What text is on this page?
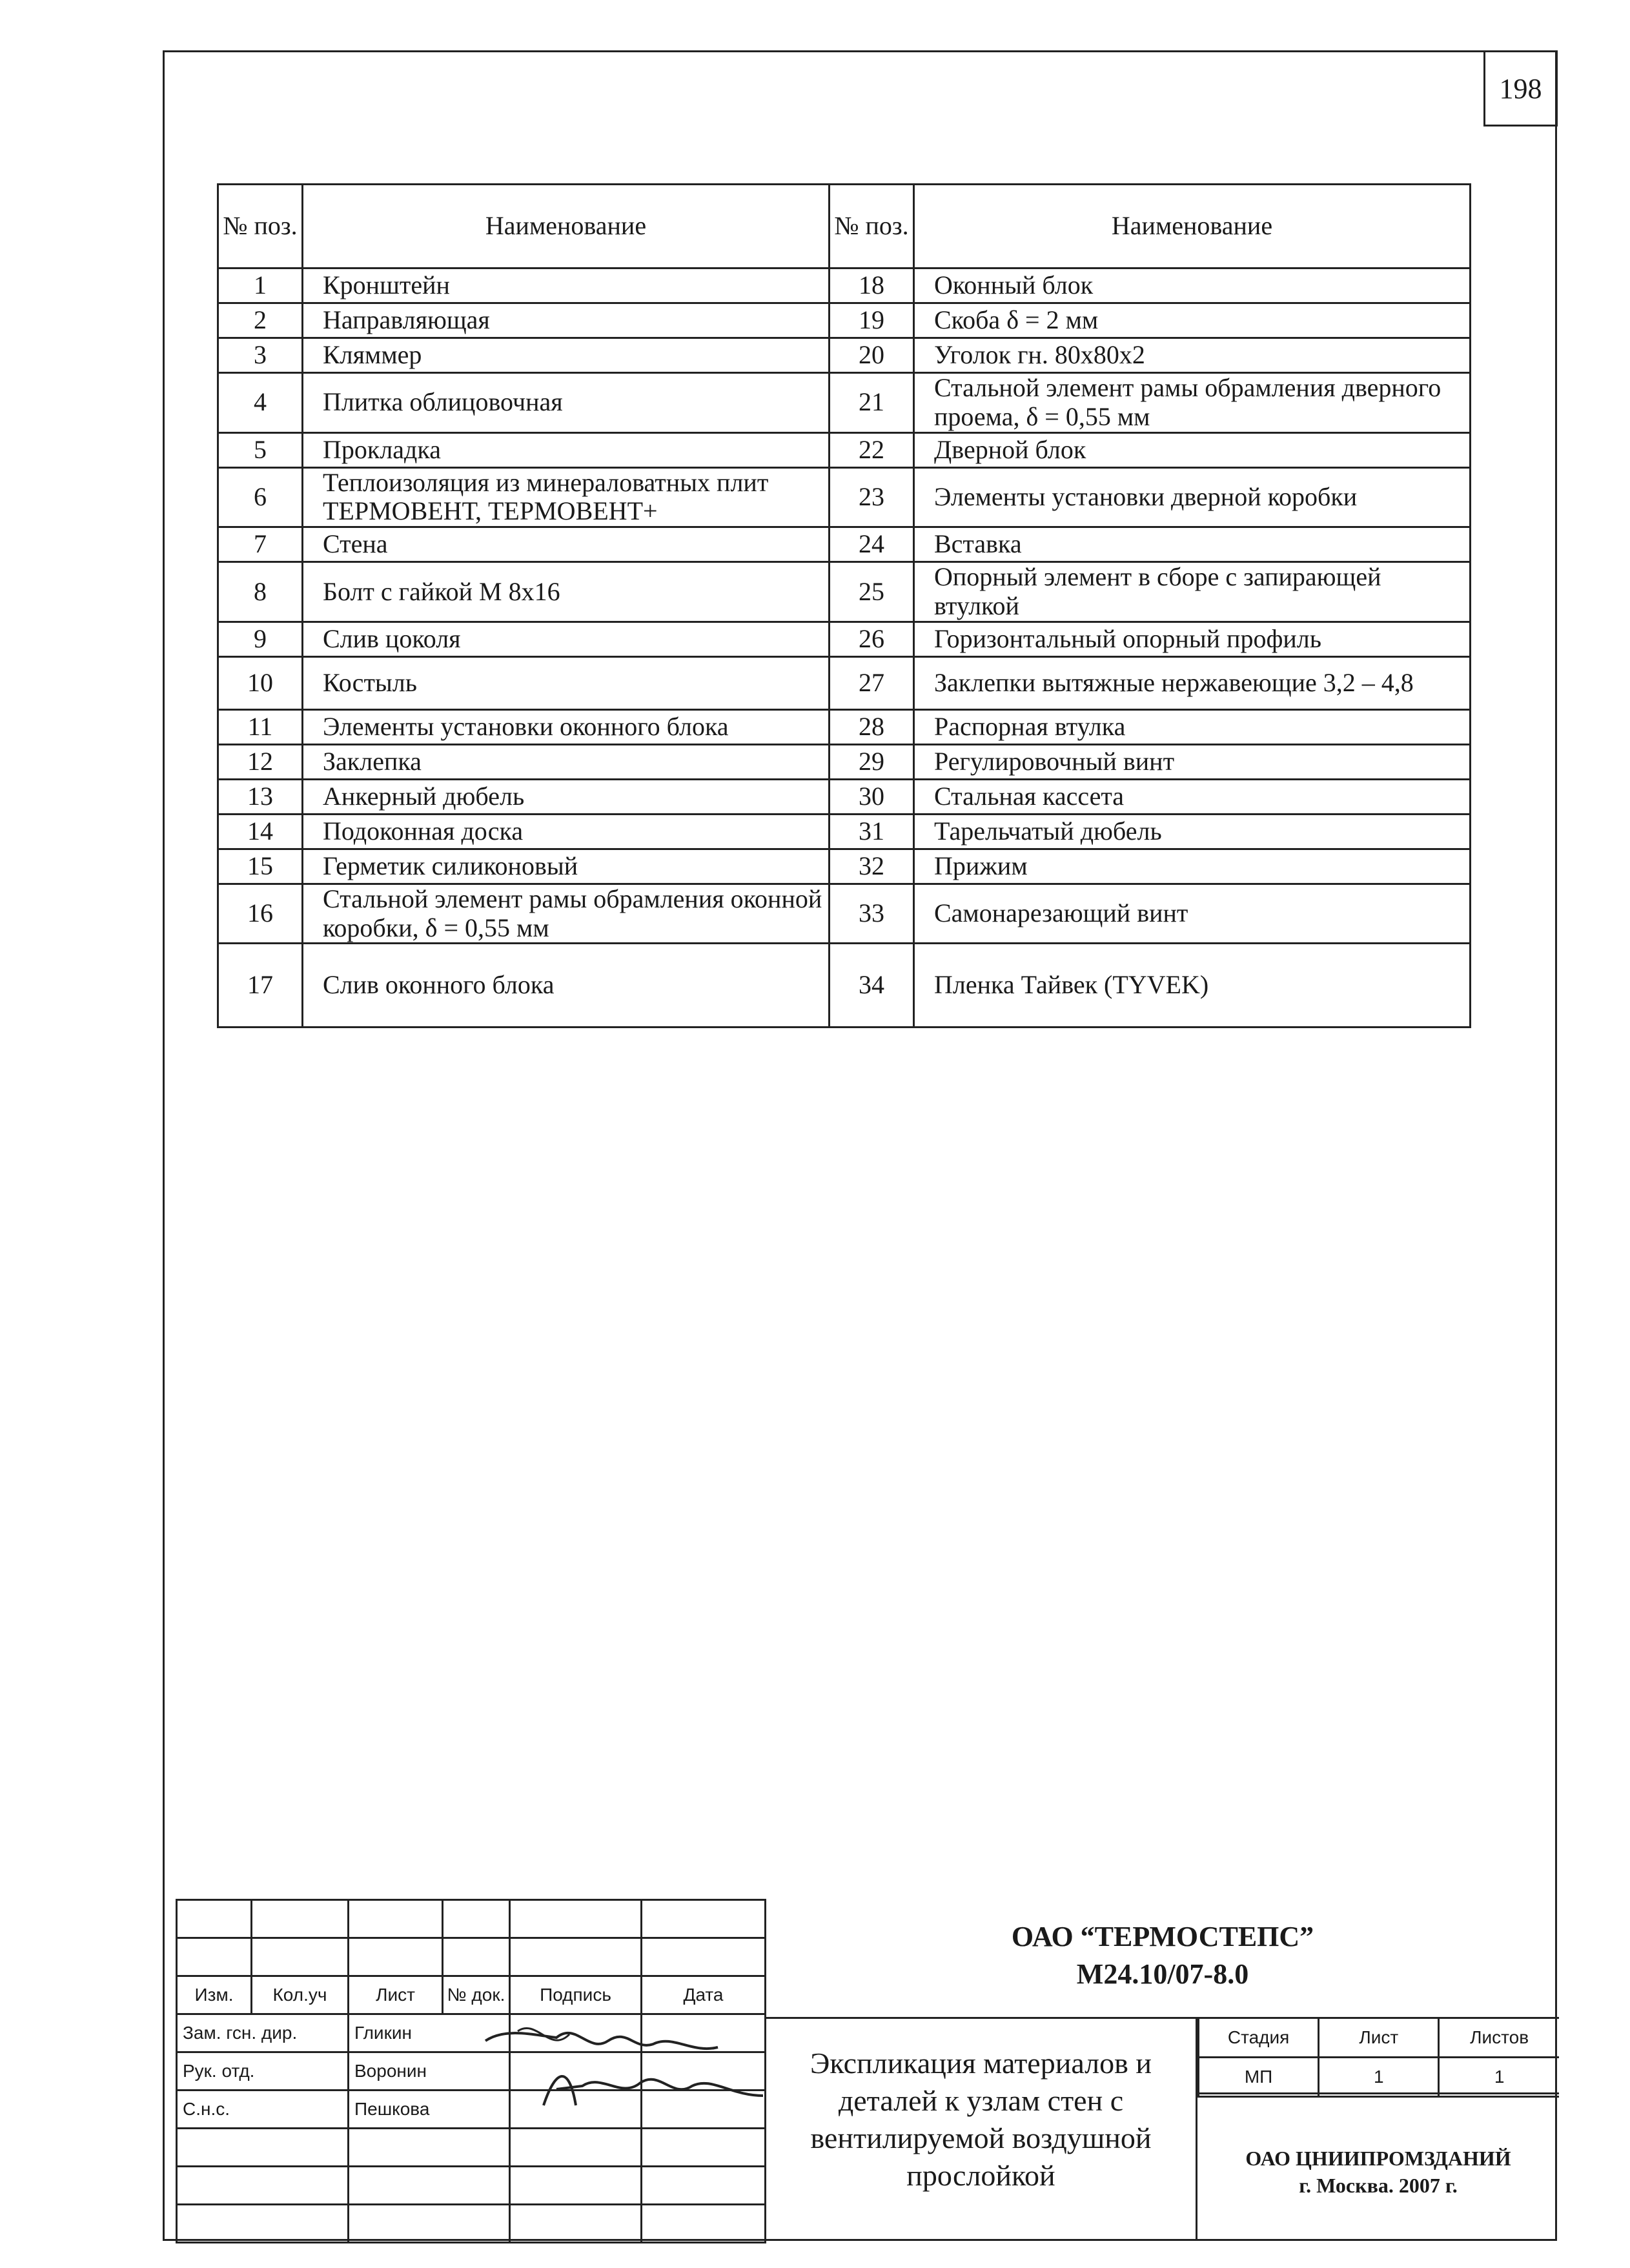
198
№ поз.	Наименование	№ поз.	Наименование
1	Кронштейн	18	Оконный блок
2	Направляющая	19	Скоба δ = 2 мм
3	Кляммер	20	Уголок гн. 80х80х2
4	Плитка облицовочная	21	Стальной элемент рамы обрамления дверного проема, δ = 0,55 мм
5	Прокладка	22	Дверной блок
6	Теплоизоляция из минераловатных плит ТЕРМОВЕНТ, ТЕРМОВЕНТ+	23	Элементы установки дверной коробки
7	Стена	24	Вставка
8	Болт с гайкой М 8х16	25	Опорный элемент в сборе с запирающей втулкой
9	Слив цоколя	26	Горизонтальный опорный профиль
10	Костыль	27	Заклепки вытяжные нержавеющие 3,2 – 4,8
11	Элементы установки оконного блока	28	Распорная втулка
12	Заклепка	29	Регулировочный винт
13	Анкерный дюбель	30	Стальная кассета
14	Подоконная доска	31	Тарельчатый дюбель
15	Герметик силиконовый	32	Прижим
16	Стальной элемент рамы обрамления оконной коробки, δ = 0,55 мм	33	Самонарезающий винт
17	Слив оконного блока	34	Пленка Тайвек (TYVEK)

Изм.	Кол.уч	Лист	№ док.	Подпись	Дата
Зам. гсн. дир.		Гликин			
Рук. отд.		Воронин			
С.н.с.		Пешкова			

ОАО “ТЕРМОСТЕПС”
М24.10/07-8.0
Экспликация материалов и деталей к узлам стен с вентилируемой воздушной прослойкой
Стадия	Лист	Листов
МП	1	1
ОАО ЦНИИПРОМЗДАНИЙ
г. Москва. 2007 г.
